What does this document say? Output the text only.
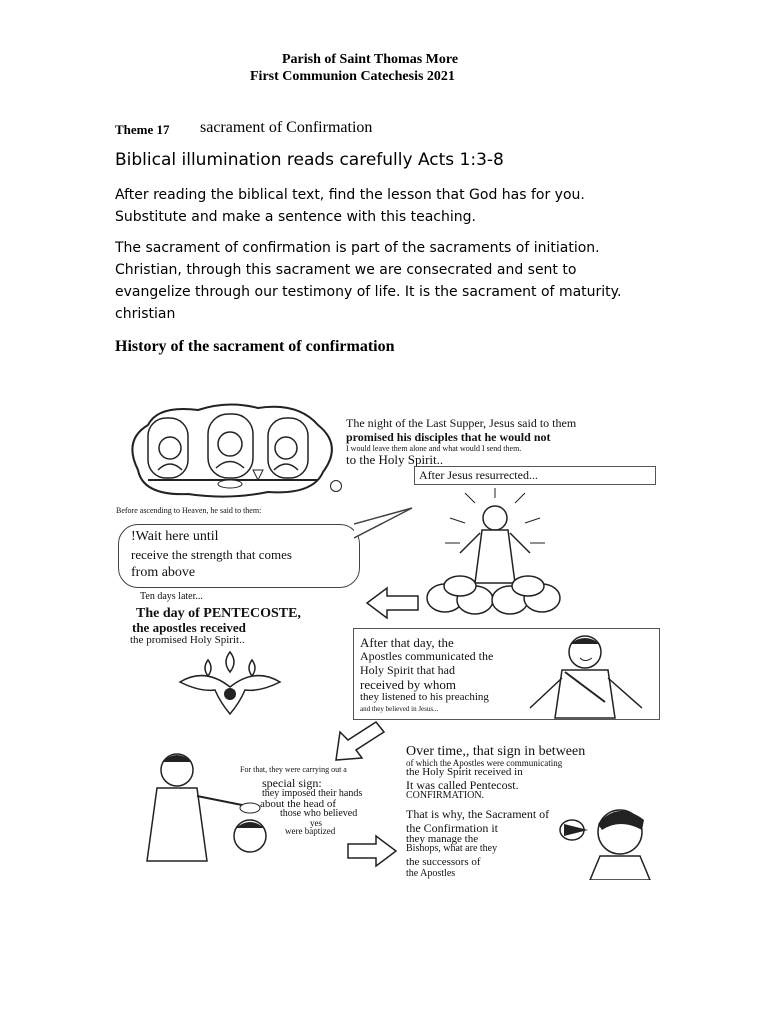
Parish of Saint Thomas More
First Communion Catechesis 2021
Theme 17 sacrament of Confirmation
Biblical illumination reads carefully Acts 1:3-8
After reading the biblical text, find the lesson that God has for you.
Substitute and make a sentence with this teaching.
The sacrament of confirmation is part of the sacraments of initiation.
Christian, through this sacrament we are consecrated and sent to
evangelize through our testimony of life. It is the sacrament of maturity.
christian
History of the sacrament of confirmation
The night of the Last Supper, Jesus said to them
promised his disciples that he would not
I would leave them alone and what would I send them.
to the Holy Spirit..
After Jesus resurrected...
Before ascending to Heaven, he said to them:
!Wait here until
receive the strength that comes
from above
Ten days later...
The day of PENTECOSTE,
the apostles received
the promised Holy Spirit..	After that day, the
Apostles communicated the
Holy Spirit that had
received by whom
they listened to his preaching
and they believed in Jesus...
For that, they were carrying out a
special sign:
they imposed their hands
about the head of
those who believed
yes
were baptized
Over time,, that sign in between
of which the Apostles were communicating
the Holy Spirit received in
It was called Pentecost.
CONFIRMATION.
That is why, the Sacrament of
the Confirmation it
they manage the
Bishops, what are they
the successors of
the Apostles
